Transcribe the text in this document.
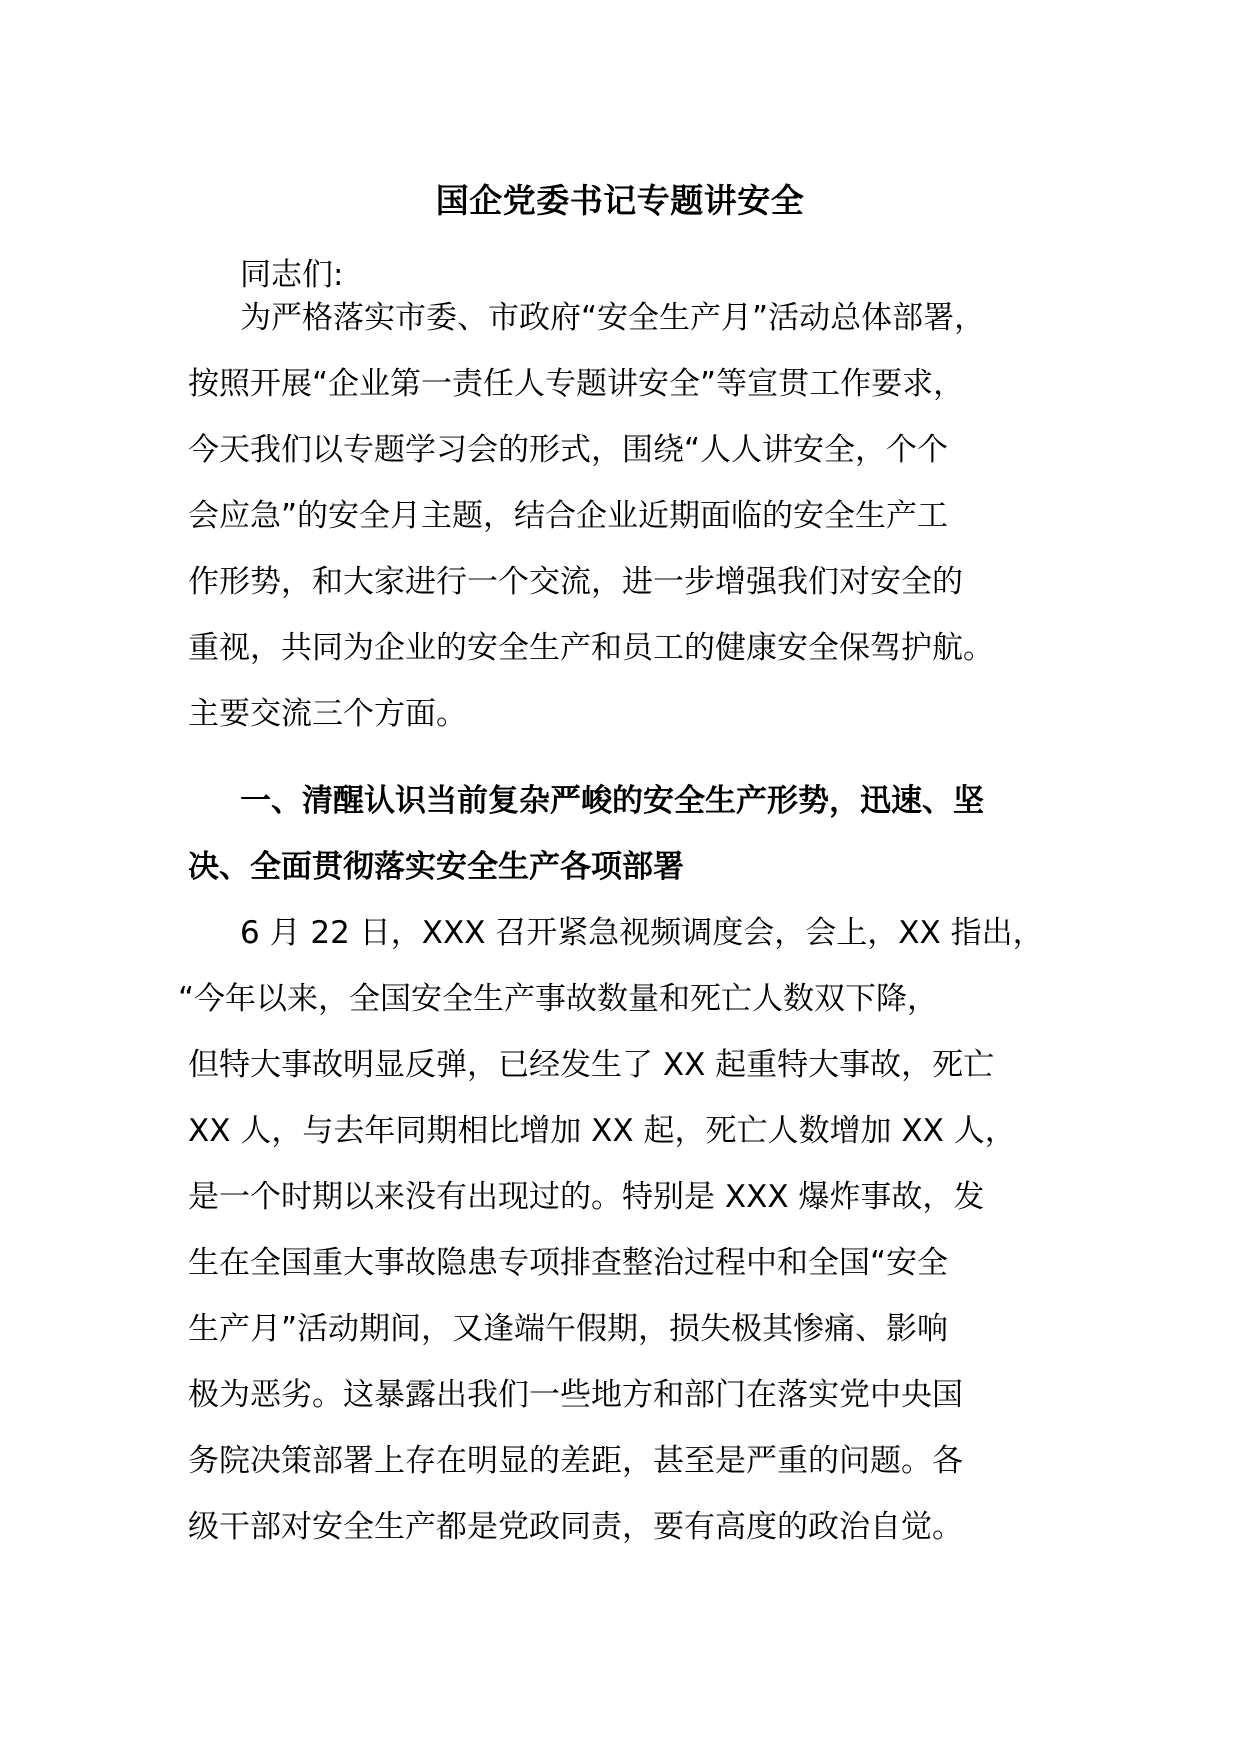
国企党委书记专题讲安全
同志们:
为严格落实市委、市政府“安全生产月”活动总体部署，
按照开展“企业第一责任人专题讲安全”等宣贯工作要求，
今天我们以专题学习会的形式，围绕“人人讲安全，个个
会应急”的安全月主题，结合企业近期面临的安全生产工
作形势，和大家进行一个交流，进一步增强我们对安全的
重视，共同为企业的安全生产和员工的健康安全保驾护航。
主要交流三个方面。
一、清醒认识当前复杂严峻的安全生产形势，迅速、坚
决、全面贯彻落实安全生产各项部署
6 月 22 日，XXX 召开紧急视频调度会，会上，XX 指出，
“今年以来，全国安全生产事故数量和死亡人数双下降，
但特大事故明显反弹，已经发生了 XX 起重特大事故，死亡
XX 人，与去年同期相比增加 XX 起，死亡人数增加 XX 人，
是一个时期以来没有出现过的。特别是 XXX 爆炸事故，发
生在全国重大事故隐患专项排查整治过程中和全国“安全
生产月”活动期间，又逢端午假期，损失极其惨痛、影响
极为恶劣。这暴露出我们一些地方和部门在落实党中央国
务院决策部署上存在明显的差距，甚至是严重的问题。各
级干部对安全生产都是党政同责，要有高度的政治自觉。
